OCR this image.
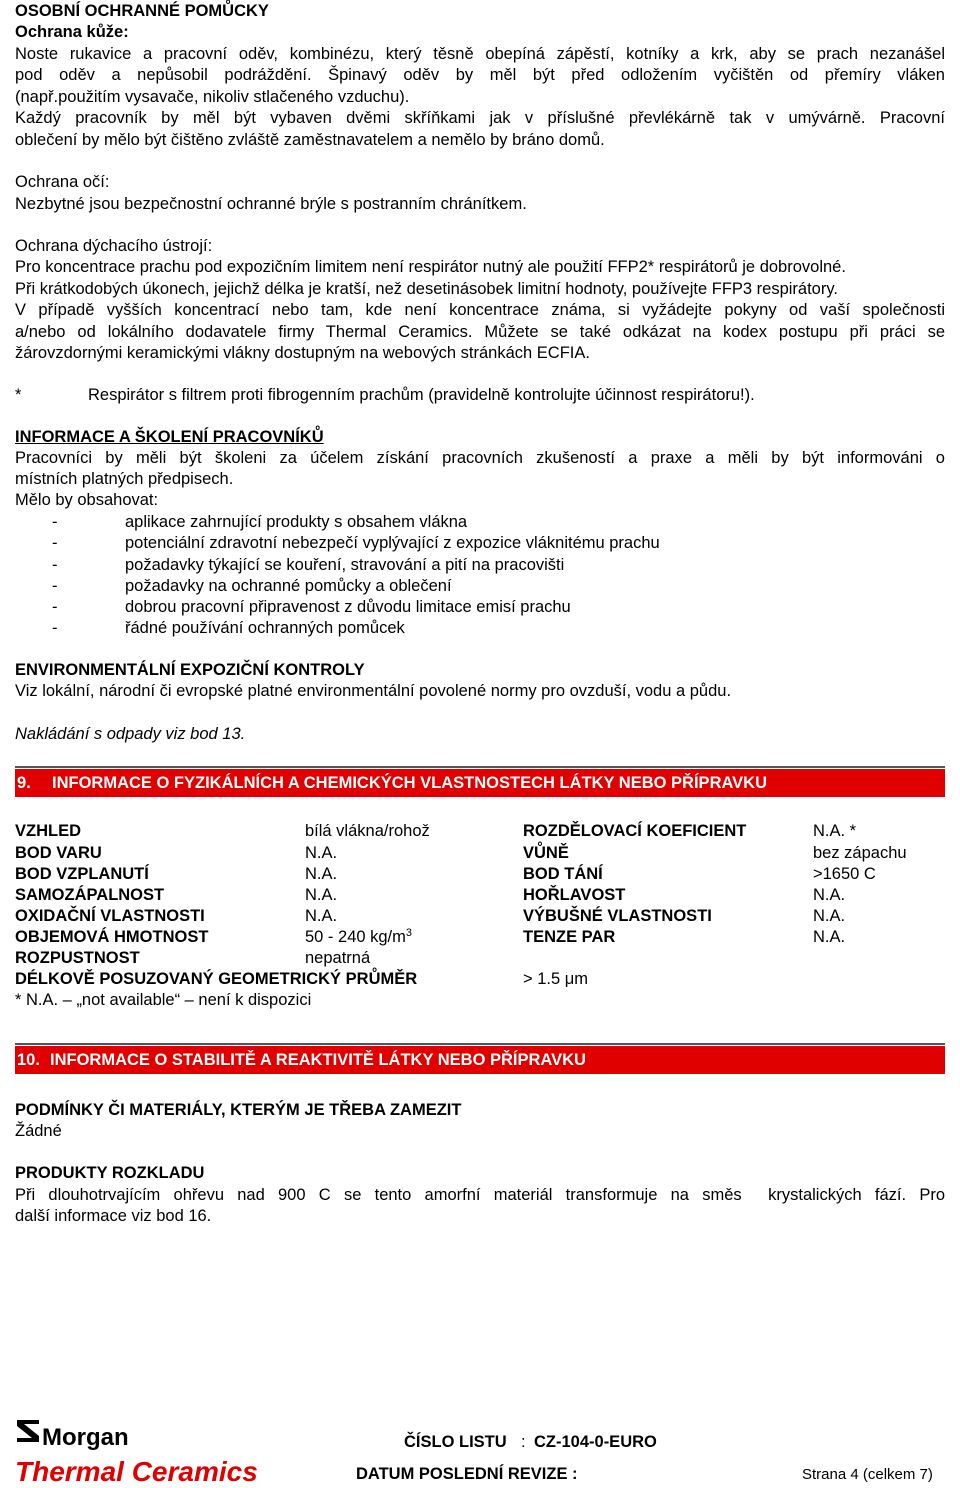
OSOBNÍ OCHRANNÉ POMŮCKY
Ochrana kůže:
Noste rukavice a pracovní oděv, kombinézu, který těsně obepíná zápěstí, kotníky a krk, aby se prach nezanášel
pod oděv a nepůsobil podráždění. Špinavý oděv by měl být před odložením vyčištěn od přemíry vláken
(např.použitím vysavače, nikoliv stlačeného vzduchu).
Každý pracovník by měl být vybaven dvěmi skříňkami jak v příslušné převlékárně tak v umývárně. Pracovní
oblečení by mělo být čištěno zvláště zaměstnavatelem a nemělo by bráno domů.
Ochrana očí:
Nezbytné jsou bezpečnostní ochranné brýle s postranním chránítkem.
Ochrana dýchacího ústrojí:
Pro koncentrace prachu pod expozičním limitem není respirátor nutný ale použití FFP2* respirátorů je dobrovolné.
Při krátkodobých úkonech, jejichž délka je kratší, než desetinásobek limitní hodnoty, používejte FFP3 respirátory.
V případě vyšších koncentrací nebo tam, kde není koncentrace známa, si vyžádejte pokyny od vaší společnosti
a/nebo od lokálního dodavatele firmy Thermal Ceramics. Můžete se také odkázat na kodex postupu při práci se
žárovzdornými keramickými vlákny dostupným na webových stránkách ECFIA.
*	Respirátor s filtrem proti fibrogenním prachům (pravidelně kontrolujte účinnost respirátoru!).
INFORMACE A ŠKOLENÍ PRACOVNÍKŮ
Pracovníci by měli být školeni za účelem získání pracovních zkušeností a praxe a měli by být informováni o
místních platných předpisech.
Mělo by obsahovat:
-	aplikace zahrnující produkty s obsahem vlákna
-	potenciální zdravotní nebezpečí vyplývající z expozice vláknitému prachu
-	požadavky týkající se kouření, stravování a pití na pracovišti
-	požadavky na ochranné pomůcky a oblečení
-	dobrou pracovní připravenost z důvodu limitace emisí prachu
-	řádné používání ochranných pomůcek
ENVIRONMENTÁLNÍ EXPOZIČNÍ KONTROLY
Viz lokální, národní či evropské platné environmentální povolené normy pro ovzduší, vodu a půdu.
Nakládání s odpady viz bod 13.
9. INFORMACE O FYZIKÁLNÍCH A CHEMICKÝCH VLASTNOSTECH LÁTKY NEBO PŘÍPRAVKU
VZHLED	bílá vlákna/rohož
BOD VARU	N.A.
BOD VZPLANUTÍ	N.A.
SAMOZÁPALNOST	N.A.
OXIDAČNÍ VLASTNOSTI	N.A.
OBJEMOVÁ HMOTNOST	50 - 240 $kg/m^3$
ROZPUSTNOST	nepatrná
ROZDĚLOVACÍ KOEFICIENT	N.A. *
VŮNĚ	bez zápachu
BOD TÁNÍ	>1650 C
HOŘLAVOST	N.A.
VÝBUŠNÉ VLASTNOSTI	N.A.
TENZE PAR	N.A.
DÉLKOVĚ POSUZOVANÝ GEOMETRICKÝ PRŮMĚR	> 1.5 μm
* N.A. – „not available“ – není k dispozici
10. INFORMACE O STABILITĚ A REAKTIVITĚ LÁTKY NEBO PŘÍPRAVKU
PODMÍNKY ČI MATERIÁLY, KTERÝM JE TŘEBA ZAMEZIT
Žádné
PRODUKTY ROZKLADU
Při dlouhotrvajícím ohřevu nad 900 C se tento amorfní materiál transformuje na směs  krystalických fází. Pro
další informace viz bod 16.
Morgan
Thermal Ceramics
ČÍSLO LISTU : CZ-104-0-EURO
DATUM POSLEDNÍ REVIZE :	Strana 4 (celkem 7)
